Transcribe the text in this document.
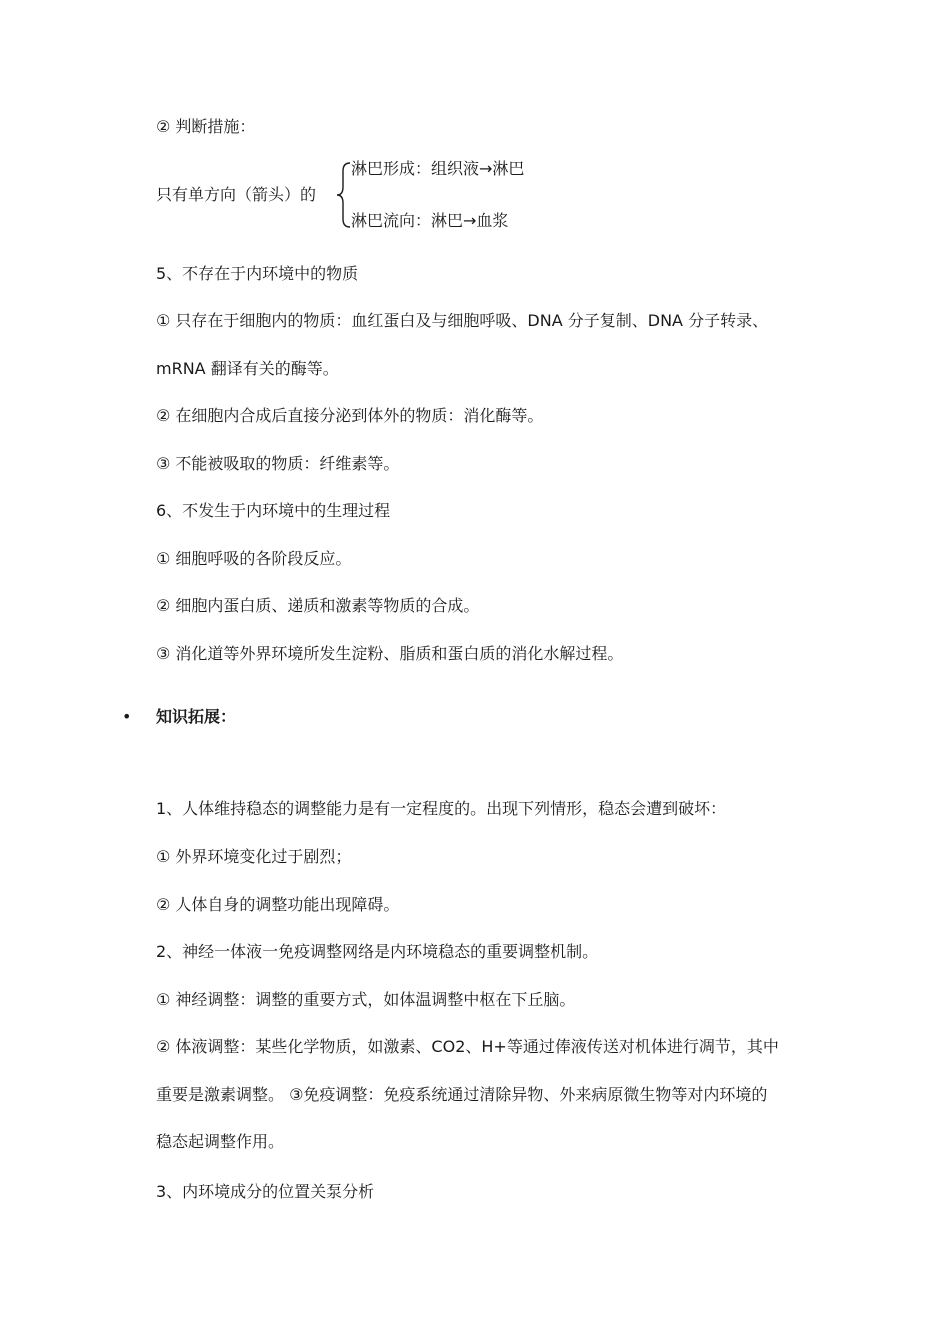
② 判断措施：
只有单方向（箭头）的
淋巴形成：组织液→淋巴
淋巴流向：淋巴→血浆
5、不存在于内环境中的物质
① 只存在于细胞内的物质：血红蛋白及与细胞呼吸、DNA 分子复制、DNA 分子转录、
mRNA 翻译有关的酶等。
② 在细胞内合成后直接分泌到体外的物质：消化酶等。
③ 不能被吸取的物质：纤维素等。
6、不发生于内环境中的生理过程
① 细胞呼吸的各阶段反应。
② 细胞内蛋白质、递质和激素等物质的合成。
③ 消化道等外界环境所发生淀粉、脂质和蛋白质的消化水解过程。
• 知识拓展：
1、人体维持稳态的调整能力是有一定程度的。出现下列情形，稳态会遭到破坏：
① 外界环境变化过于剧烈；
② 人体自身的调整功能出现障碍。
2、神经一体液一免疫调整网络是内环境稳态的重要调整机制。
① 神经调整：调整的重要方式，如体温调整中枢在下丘脑。
② 体液调整：某些化学物质，如激素、CO2、H+等通过俸液传送对机体进行凋节，其中
重要是激素调整。 ③免疫调整：免疫系统通过清除异物、外来病原微生物等对内环境的
稳态起调整作用。
3、内环境成分的位置关泵分析
